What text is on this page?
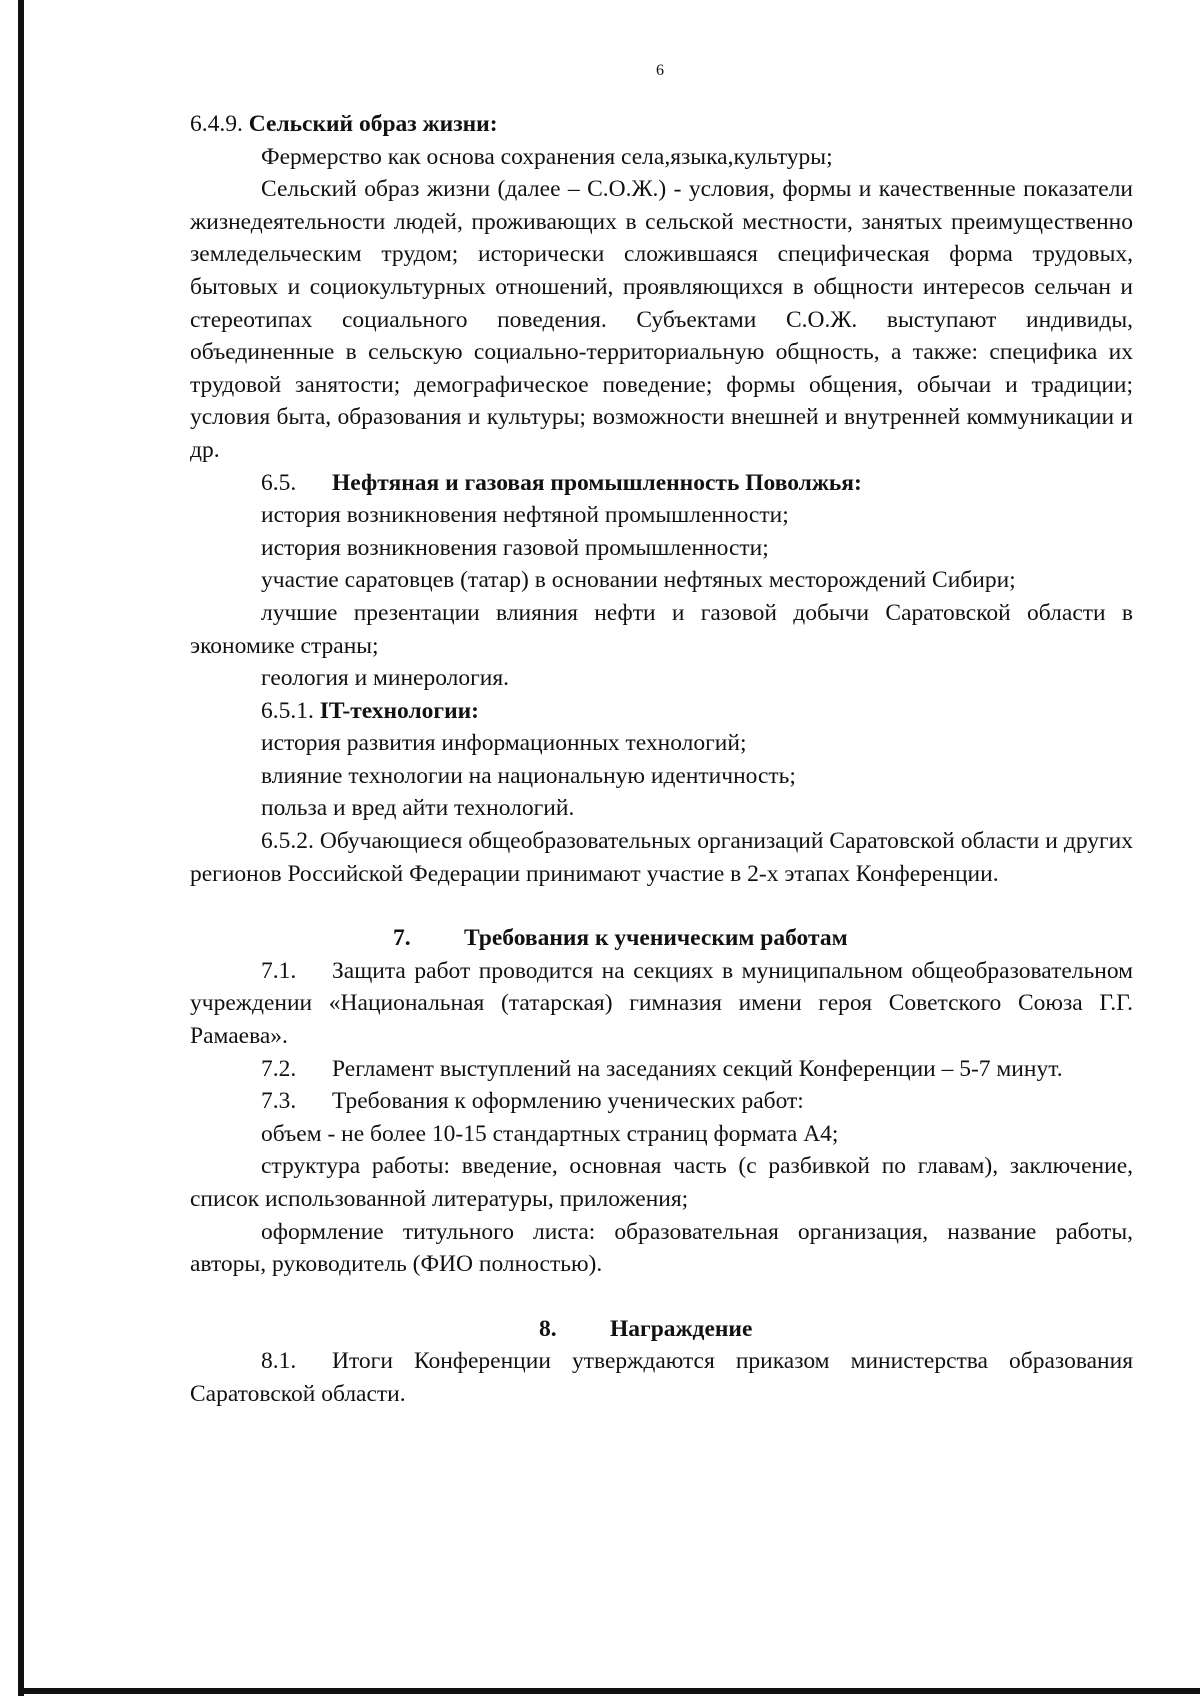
6

6.4.9. Сельский образ жизни:

Фермерство как основа сохранения села,языка,культуры;

Сельский образ жизни (далее – С.О.Ж.) - условия, формы и качественные показатели жизнедеятельности людей, проживающих в сельской местности, занятых преимущественно земледельческим трудом; исторически сложившаяся специфическая форма трудовых, бытовых и социокультурных отношений, проявляющихся в общности интересов сельчан и стереотипах социального поведения. Субъектами С.О.Ж. выступают индивиды, объединенные в сельскую социально-территориальную общность, а также: специфика их трудовой занятости; демографическое поведение; формы общения, обычаи и традиции; условия быта, образования и культуры; возможности внешней и внутренней коммуникации и др.

6.5. Нефтяная и газовая промышленность Поволжья:

история возникновения нефтяной промышленности;

история возникновения газовой промышленности;

участие саратовцев (татар) в основании нефтяных месторождений Сибири;

лучшие презентации влияния нефти и газовой добычи Саратовской области в экономике страны;

геология и минерология.

6.5.1. IT-технологии:

история развития информационных технологий;

влияние технологии на национальную идентичность;

польза и вред айти технологий.

6.5.2. Обучающиеся общеобразовательных организаций Саратовской области и других регионов Российской Федерации принимают участие в 2-х этапах Конференции.

7. Требования к ученическим работам

7.1. Защита работ проводится на секциях в муниципальном общеобразовательном учреждении «Национальная (татарская) гимназия имени героя Советского Союза Г.Г. Рамаева».

7.2. Регламент выступлений на заседаниях секций Конференции – 5-7 минут.

7.3. Требования к оформлению ученических работ:

объем - не более 10-15 стандартных страниц формата А4;

структура работы: введение, основная часть (с разбивкой по главам), заключение, список использованной литературы, приложения;

оформление титульного листа: образовательная организация, название работы, авторы, руководитель (ФИО полностью).

8. Награждение

8.1. Итоги Конференции утверждаются приказом министерства образования Саратовской области.
